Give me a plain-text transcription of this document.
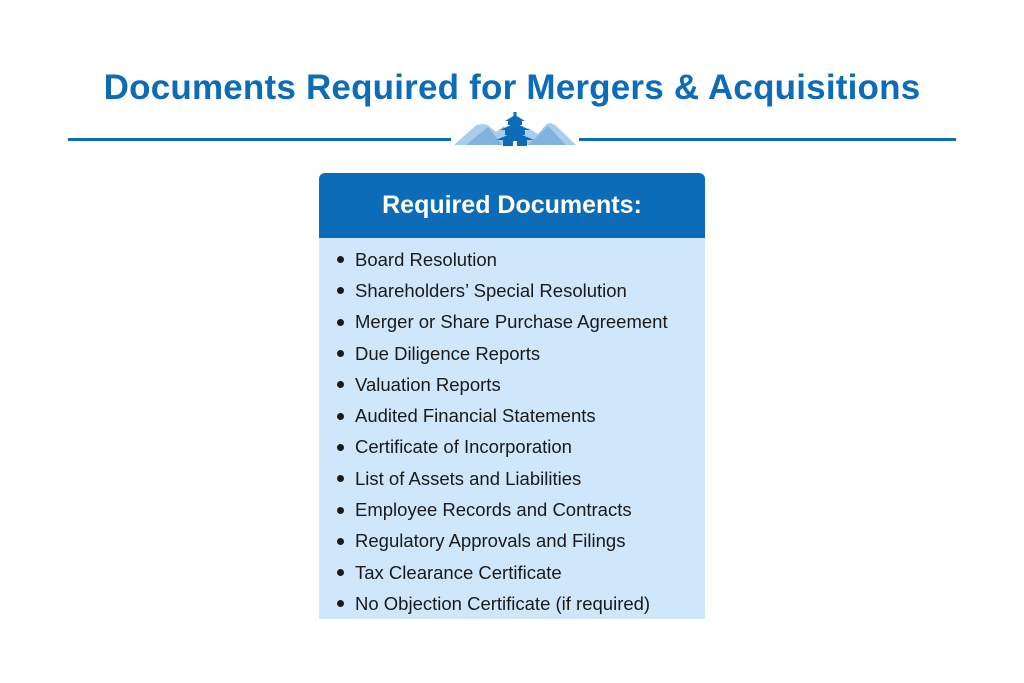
Documents Required for Mergers & Acquisitions
Required Documents:
Board Resolution
Shareholders’ Special Resolution
Merger or Share Purchase Agreement
Due Diligence Reports
Valuation Reports
Audited Financial Statements
Certificate of Incorporation
List of Assets and Liabilities
Employee Records and Contracts
Regulatory Approvals and Filings
Tax Clearance Certificate
No Objection Certificate (if required)
